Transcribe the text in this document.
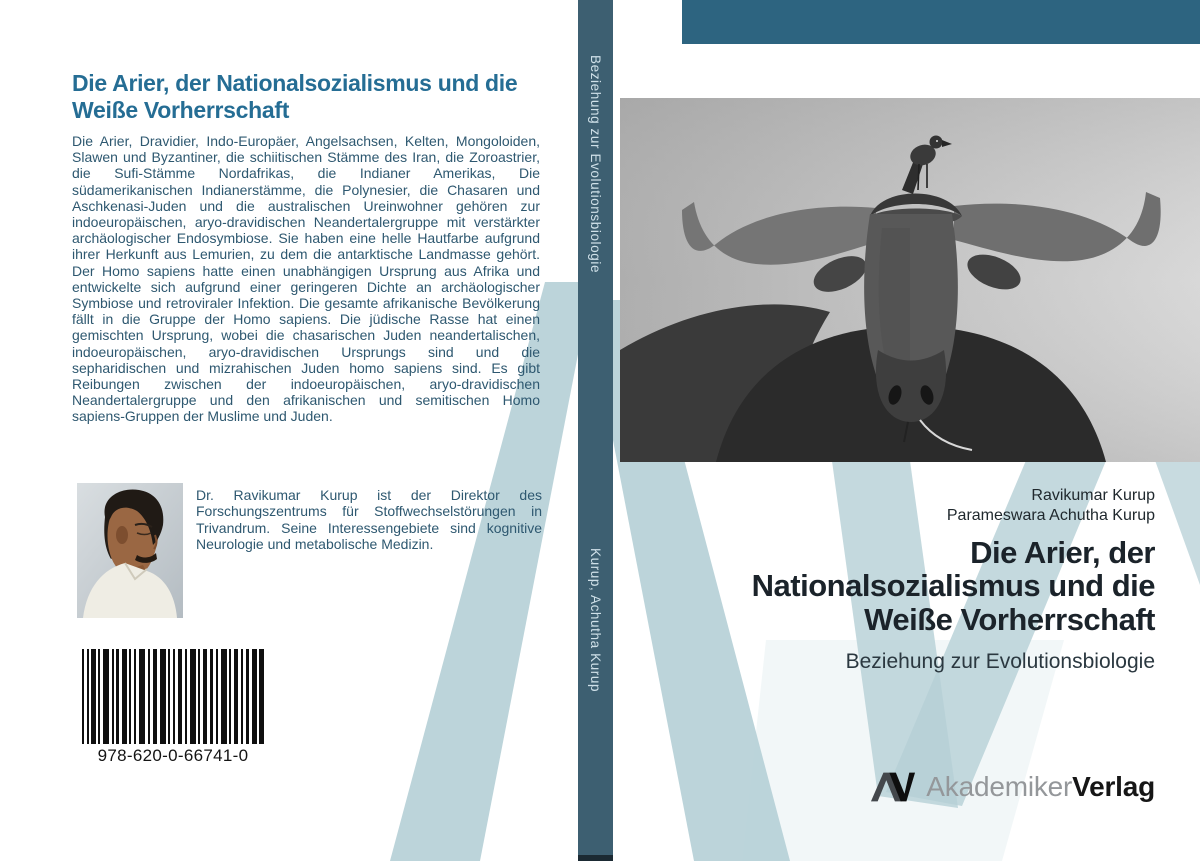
Die Arier, der Nationalsozialismus und die Weiße Vorherrschaft
Die Arier, Dravidier, Indo-Europäer, Angelsachsen, Kelten, Mongoloiden, Slawen und Byzantiner, die schiitischen Stämme des Iran, die Zoroastrier, die Sufi-Stämme Nordafrikas, die Indianer Amerikas, Die südamerikanischen Indianerstämme, die Polynesier, die Chasaren und Aschkenasi-Juden und die australischen Ureinwohner gehören zur indoeuropäischen, aryo-dravidischen Neandertalergruppe mit verstärkter archäologischer Endosymbiose. Sie haben eine helle Hautfarbe aufgrund ihrer Herkunft aus Lemurien, zu dem die antarktische Landmasse gehört. Der Homo sapiens hatte einen unabhängigen Ursprung aus Afrika und entwickelte sich aufgrund einer geringeren Dichte an archäologischer Symbiose und retroviraler Infektion. Die gesamte afrikanische Bevölkerung fällt in die Gruppe der Homo sapiens. Die jüdische Rasse hat einen gemischten Ursprung, wobei die chasarischen Juden neandertalischen, indoeuropäischen, aryo-dravidischen Ursprungs sind und die sepharidischen und mizrahischen Juden homo sapiens sind. Es gibt Reibungen zwischen der indoeuropäischen, aryo-dravidischen Neandertalergruppe und den afrikanischen und semitischen Homo sapiens-Gruppen der Muslime und Juden.
Dr. Ravikumar Kurup ist der Direktor des Forschungszentrums für Stoffwechselstörungen in Trivandrum. Seine Interessengebiete sind kognitive Neurologie und metabolische Medizin.
978-620-0-66741-0
Beziehung zur Evolutionsbiologie
Kurup, Achutha Kurup
Ravikumar Kurup
Parameswara Achutha Kurup
Die Arier, der Nationalsozialismus und die Weiße Vorherrschaft
Beziehung zur Evolutionsbiologie
AkademikerVerlag
